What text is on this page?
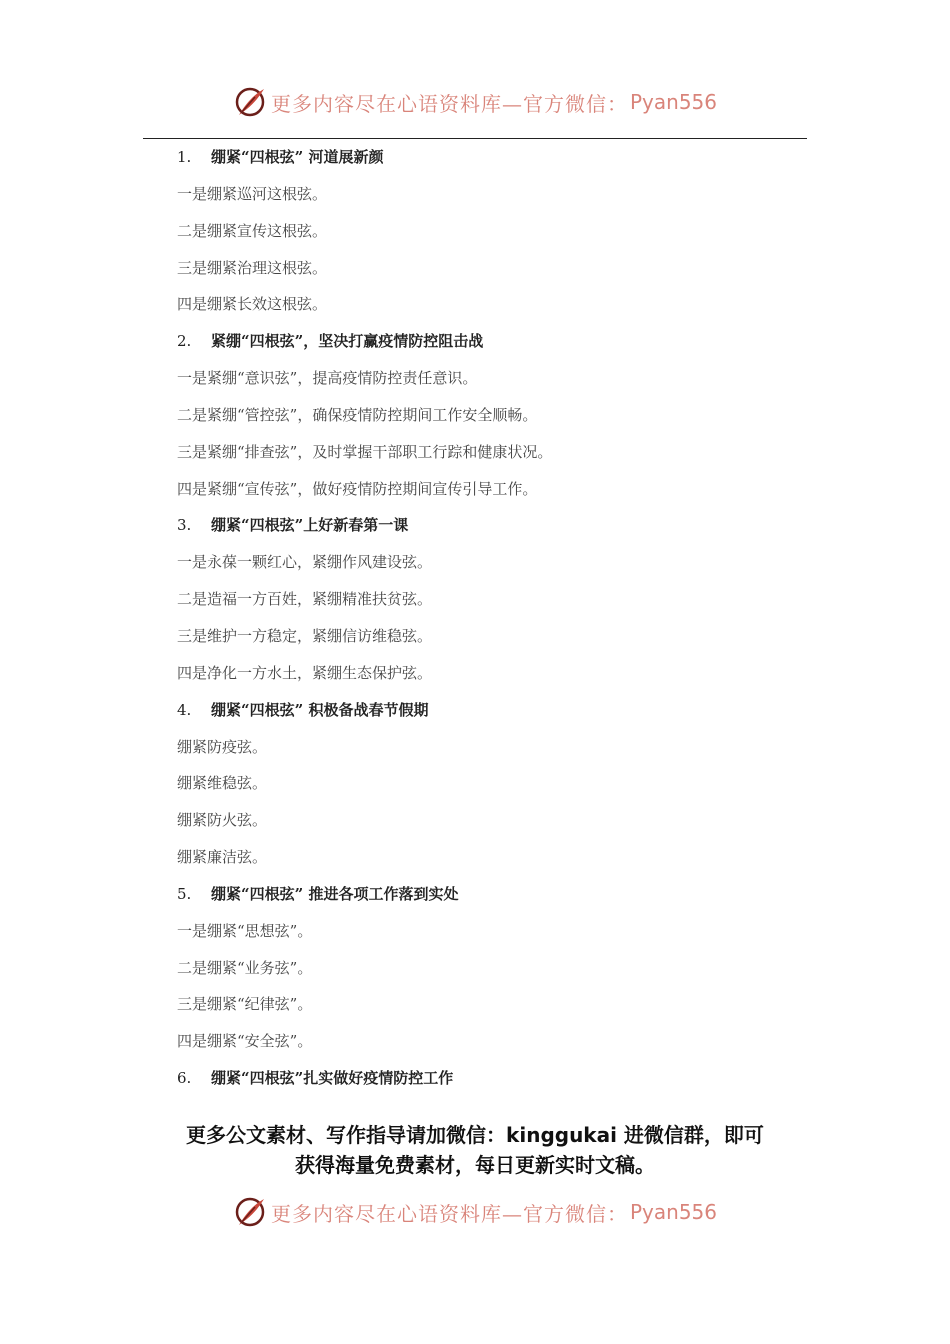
更多内容尽在心语资料库—官方微信： Pyan556
1. 绷紧“四根弦” 河道展新颜
一是绷紧巡河这根弦。
二是绷紧宣传这根弦。
三是绷紧治理这根弦。
四是绷紧长效这根弦。
2. 紧绷“四根弦”，坚决打赢疫情防控阻击战
一是紧绷“意识弦”，提高疫情防控责任意识。
二是紧绷“管控弦”，确保疫情防控期间工作安全顺畅。
三是紧绷“排查弦”，及时掌握干部职工行踪和健康状况。
四是紧绷“宣传弦”，做好疫情防控期间宣传引导工作。
3. 绷紧“四根弦”上好新春第一课
一是永葆一颗红心，紧绷作风建设弦。
二是造福一方百姓，紧绷精准扶贫弦。
三是维护一方稳定，紧绷信访维稳弦。
四是净化一方水土，紧绷生态保护弦。
4. 绷紧“四根弦” 积极备战春节假期
绷紧防疫弦。
绷紧维稳弦。
绷紧防火弦。
绷紧廉洁弦。
5. 绷紧“四根弦” 推进各项工作落到实处
一是绷紧“思想弦”。
二是绷紧“业务弦”。
三是绷紧“纪律弦”。
四是绷紧“安全弦”。
6. 绷紧“四根弦”扎实做好疫情防控工作
更多公文素材、写作指导请加微信：kinggukai 进微信群，即可
获得海量免费素材，每日更新实时文稿。
更多内容尽在心语资料库—官方微信： Pyan556
